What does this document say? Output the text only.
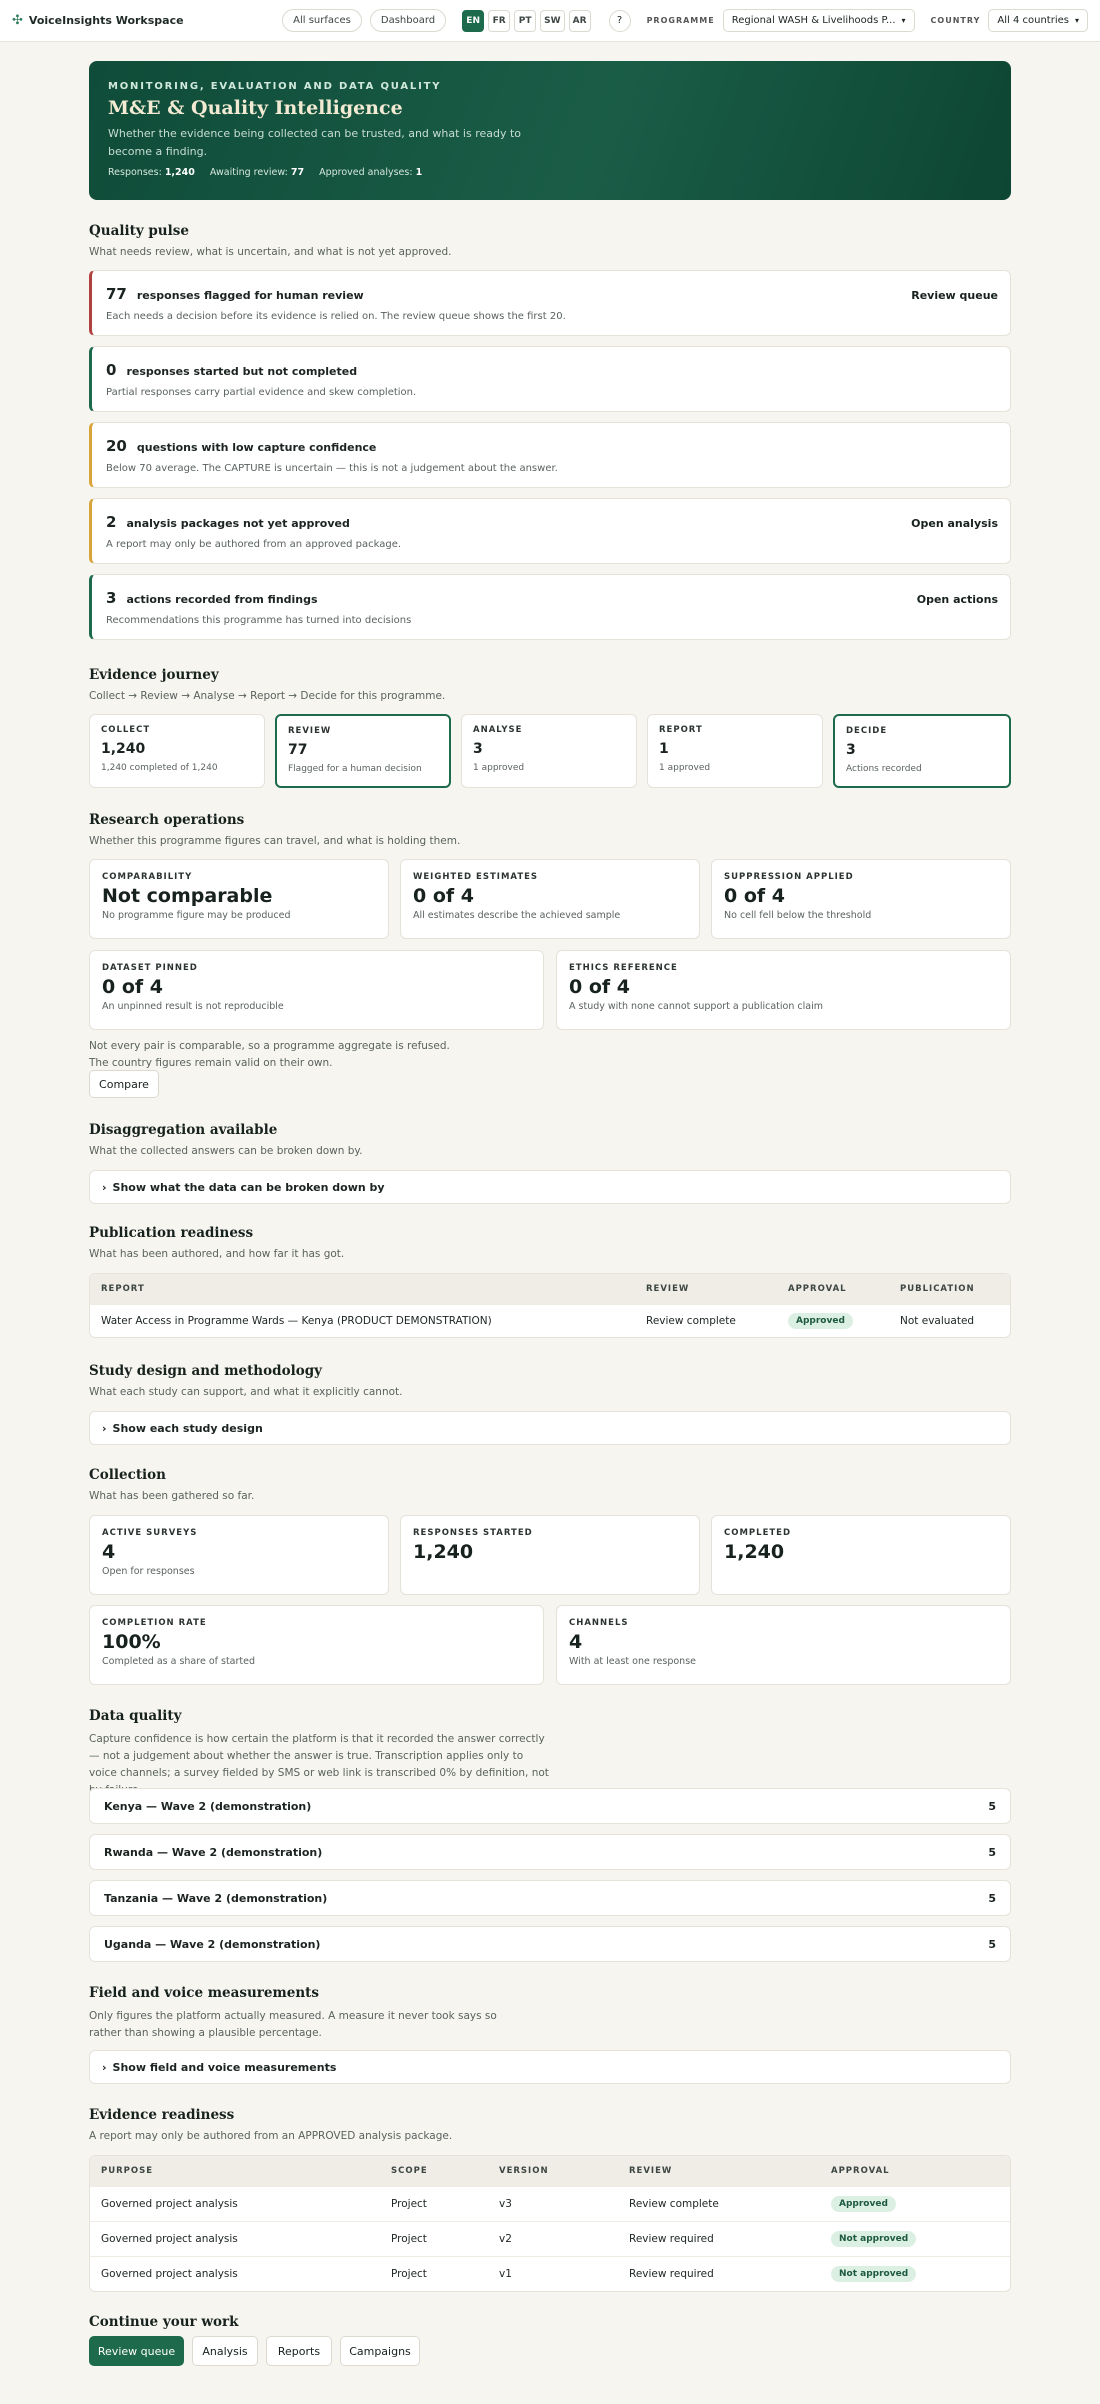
✣ VoiceInsights Workspace	All surfaces	Dashboard	EN	FR	PT	SW	AR	?	PROGRAMME Regional WASH & Livelihoods P... ▾	COUNTRY All 4 countries ▾
MONITORING, EVALUATION AND DATA QUALITY
M&E & Quality Intelligence
Whether the evidence being collected can be trusted, and what is ready to become a finding.
Responses: 1,240 Awaiting review: 77 Approved analyses: 1
Quality pulse
What needs review, what is uncertain, and what is not yet approved.
77 responses flagged for human review
Each needs a decision before its evidence is relied on. The review queue shows the first 20.
Review queue
0 responses started but not completed
Partial responses carry partial evidence and skew completion.
20 questions with low capture confidence
Below 70 average. The CAPTURE is uncertain — this is not a judgement about the answer.
2 analysis packages not yet approved
A report may only be authored from an approved package.
Open analysis
3 actions recorded from findings
Recommendations this programme has turned into decisions
Open actions
Evidence journey
Collect → Review → Analyse → Report → Decide for this programme.
COLLECT
1,240
1,240 completed of 1,240
REVIEW
77
Flagged for a human decision
ANALYSE
3
1 approved
REPORT
1
1 approved
DECIDE
3
Actions recorded
Research operations
Whether this programme figures can travel, and what is holding them.
COMPARABILITY
Not comparable
No programme figure may be produced
WEIGHTED ESTIMATES
0 of 4
All estimates describe the achieved sample
SUPPRESSION APPLIED
0 of 4
No cell fell below the threshold
DATASET PINNED
0 of 4
An unpinned result is not reproducible
ETHICS REFERENCE
0 of 4
A study with none cannot support a publication claim
Not every pair is comparable, so a programme aggregate is refused. The country figures remain valid on their own.
Compare
Disaggregation available
What the collected answers can be broken down by.
› Show what the data can be broken down by
Publication readiness
What has been authored, and how far it has got.
REPORT	REVIEW	APPROVAL	PUBLICATION
Water Access in Programme Wards — Kenya (PRODUCT DEMONSTRATION)	Review complete	Approved	Not evaluated
Study design and methodology
What each study can support, and what it explicitly cannot.
› Show each study design
Collection
What has been gathered so far.
ACTIVE SURVEYS
4
Open for responses
RESPONSES STARTED
1,240
COMPLETED
1,240
COMPLETION RATE
100%
Completed as a share of started
CHANNELS
4
With at least one response
Data quality
Capture confidence is how certain the platform is that it recorded the answer correctly — not a judgement about whether the answer is true. Transcription applies only to voice channels; a survey fielded by SMS or web link is transcribed 0% by definition, not
Kenya — Wave 2 (demonstration)	5
Rwanda — Wave 2 (demonstration)	5
Tanzania — Wave 2 (demonstration)	5
Uganda — Wave 2 (demonstration)	5
Field and voice measurements
Only figures the platform actually measured. A measure it never took says so rather than showing a plausible percentage.
› Show field and voice measurements
Evidence readiness
A report may only be authored from an APPROVED analysis package.
PURPOSE	SCOPE	VERSION	REVIEW	APPROVAL
Governed project analysis	Project	v3	Review complete	Approved
Governed project analysis	Project	v2	Review required	Not approved
Governed project analysis	Project	v1	Review required	Not approved
Continue your work
Review queue	Analysis	Reports	Campaigns
